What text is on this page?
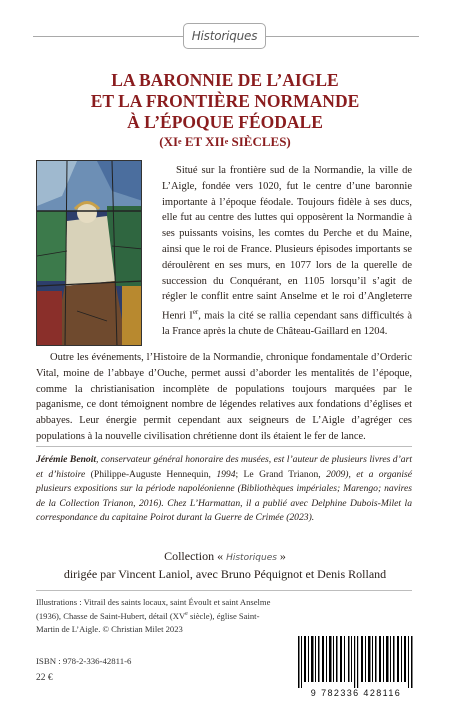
Historiques
LA BARONNIE DE L’AIGLE
ET LA FRONTIÈRE NORMANDE
À L’ÉPOQUE FÉODALE
(XIe ET XIIe SIÈCLES)

Situé sur la frontière sud de la Normandie, la ville de L’Aigle, fondée vers 1020, fut le centre d’une baronnie importante à l’époque féodale. Toujours fidèle à ses ducs, elle fut au centre des luttes qui opposèrent la Normandie à ses puissants voisins, les comtes du Perche et du Maine, ainsi que le roi de France. Plusieurs épisodes importants se déroulèrent en ses murs, en 1077 lors de la querelle de succession du Conquérant, en 1105 lorsqu’il s’agit de régler le conflit entre saint Anselme et le roi d’Angleterre Henri Ier, mais la cité se rallia cependant sans difficultés à la France après la chute de Château-Gaillard en 1204.

Outre les événements, l’Histoire de la Normandie, chronique fondamentale d’Orderic Vital, moine de l’abbaye d’Ouche, permet aussi d’aborder les mentalités de l’époque, comme la christianisation incomplète de populations toujours marquées par le paganisme, ce dont témoignent nombre de légendes relatives aux fondations d’églises et abbayes. Leur énergie permit cependant aux seigneurs de L’Aigle d’agréger ces populations à la nouvelle civilisation chrétienne dont ils étaient le fer de lance.

Jérémie Benoit, conservateur général honoraire des musées, est l’auteur de plusieurs livres d’art et d’histoire (Philippe-Auguste Hennequin, 1994; Le Grand Trianon, 2009), et a organisé plusieurs expositions sur la période napoléonienne (Bibliothèques impériales; Marengo; navires de la Collection Trianon, 2016). Chez L’Harmattan, il a publié avec Delphine Dubois-Milet la correspondance du capitaine Poirot durant la Guerre de Crimée (2023).

Collection « Historiques »
dirigée par Vincent Laniol, avec Bruno Péquignot et Denis Rolland

Illustrations : Vitrail des saints locaux, saint Évoult et saint Anselme (1936), Chasse de Saint-Hubert, détail (XVe siècle), église Saint-Martin de L’Aigle. © Christian Milet 2023

ISBN : 978-2-336-42811-6
22 €
9 782336 428116
